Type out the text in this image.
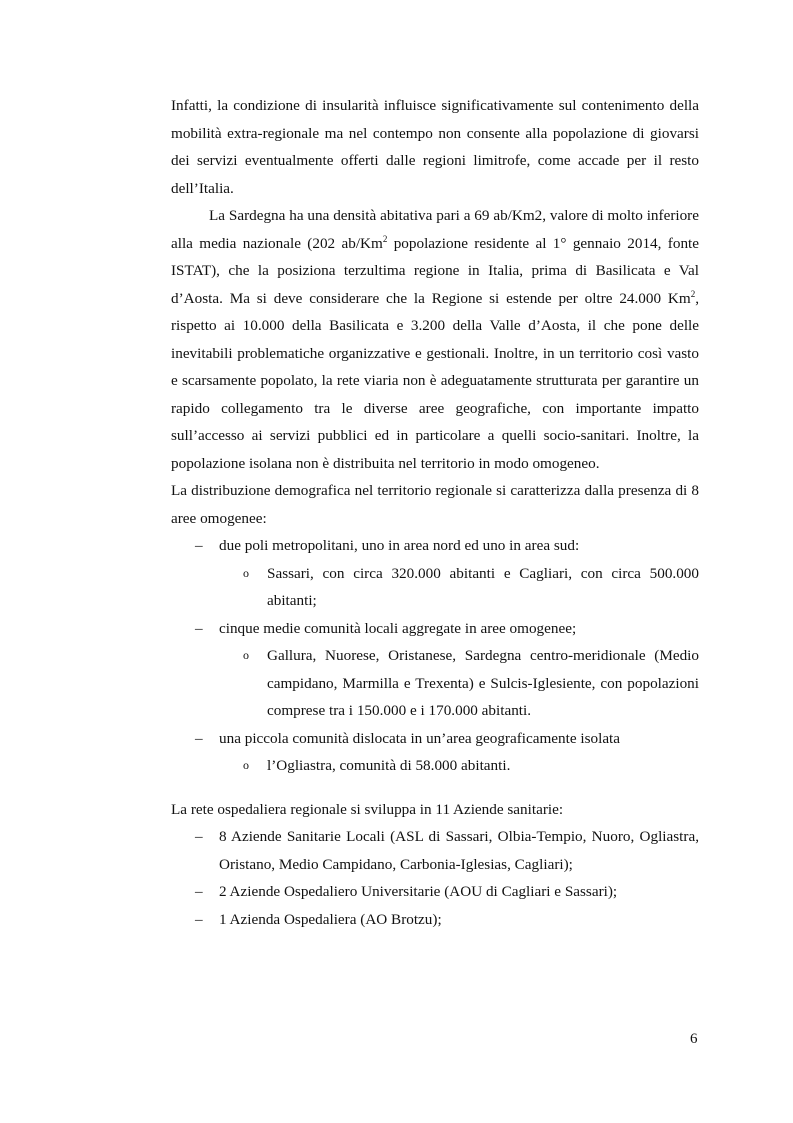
Infatti, la condizione di insularità influisce significativamente sul contenimento della mobilità extra-regionale ma nel contempo non consente alla popolazione di giovarsi dei servizi eventualmente offerti dalle regioni limitrofe, come accade per il resto dell’Italia.

La Sardegna ha una densità abitativa pari a 69 ab/Km2, valore di molto inferiore alla media nazionale (202 ab/Km$^2$ popolazione residente al 1° gennaio 2014, fonte ISTAT), che la posiziona terzultima regione in Italia, prima di Basilicata e Val d’Aosta. Ma si deve considerare che la Regione si estende per oltre 24.000 Km$^2$, rispetto ai 10.000 della Basilicata e 3.200 della Valle d’Aosta, il che pone delle inevitabili problematiche organizzative e gestionali. Inoltre, in un territorio così vasto e scarsamente popolato, la rete viaria non è adeguatamente strutturata per garantire un rapido collegamento tra le diverse aree geografiche, con importante impatto sull’accesso ai servizi pubblici ed in particolare a quelli socio-sanitari. Inoltre, la popolazione isolana non è distribuita nel territorio in modo omogeneo.

La distribuzione demografica nel territorio regionale si caratterizza dalla presenza di 8 aree omogenee:

– due poli metropolitani, uno in area nord ed uno in area sud:
o Sassari, con circa 320.000 abitanti e Cagliari, con circa 500.000 abitanti;
– cinque medie comunità locali aggregate in aree omogenee;
o Gallura, Nuorese, Oristanese, Sardegna centro-meridionale (Medio campidano, Marmilla e Trexenta) e Sulcis-Iglesiente, con popolazioni comprese tra i 150.000 e i 170.000 abitanti.
– una piccola comunità dislocata in un’area geograficamente isolata
o l’Ogliastra, comunità di 58.000 abitanti.

La rete ospedaliera regionale si sviluppa in 11 Aziende sanitarie:

– 8 Aziende Sanitarie Locali (ASL di Sassari, Olbia-Tempio, Nuoro, Ogliastra, Oristano, Medio Campidano, Carbonia-Iglesias, Cagliari);
– 2 Aziende Ospedaliero Universitarie (AOU di Cagliari e Sassari);
– 1 Azienda Ospedaliera (AO Brotzu);
6
